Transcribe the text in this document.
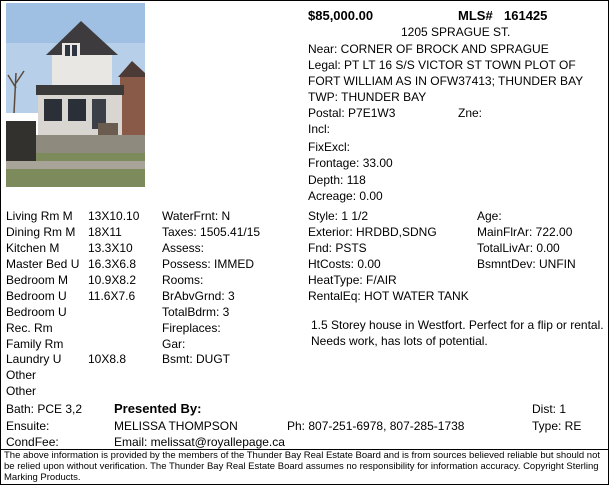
$85,000.00	MLS# 161425
1205 SPRAGUE ST.
Near: CORNER OF BROCK AND SPRAGUE
Legal: PT LT 16 S/S VICTOR ST TOWN PLOT OF
FORT WILLIAM AS IN OFW37413; THUNDER BAY
TWP: THUNDER BAY
Postal: P7E1W3	Zne:
Incl:
FixExcl:
Frontage: 33.00
Depth: 118
Acreage: 0.00
Living Rm M 13X10.10
Dining Rm M 18X11
Kitchen M 13.3X10
Master Bed U 16.3X6.8
Bedroom M 10.9X8.2
Bedroom U 11.6X7.6
Bedroom U
Rec. Rm
Family Rm
Laundry U 10X8.8
Other
Other
WaterFrnt: N
Taxes: 1505.41/15
Assess:
Possess: IMMED
Rooms:
BrAbvGrnd: 3
TotalBdrm: 3
Fireplaces:
Gar:
Bsmt: DUGT
Style: 1 1/2
Exterior: HRDBD,SDNG
Fnd: PSTS
HtCosts: 0.00
HeatType: F/AIR
RentalEq: HOT WATER TANK
Age:
MainFlrAr: 722.00
TotalLivAr: 0.00
BsmntDev: UNFIN
1.5 Storey house in Westfort. Perfect for a flip or rental. Needs work, has lots of potential.
Bath: PCE 3,2 Presented By:	Dist: 1
Ensuite:	MELISSA THOMPSON	Ph: 807-251-6978, 807-285-1738	Type: RE
CondFee:	Email: melissat@royallepage.ca
The above information is provided by the members of the Thunder Bay Real Estate Board and is from sources believed reliable but should not be relied upon without verification. The Thunder Bay Real Estate Board assumes no responsibility for information accuracy. Copyright Sterling Marking Products.
